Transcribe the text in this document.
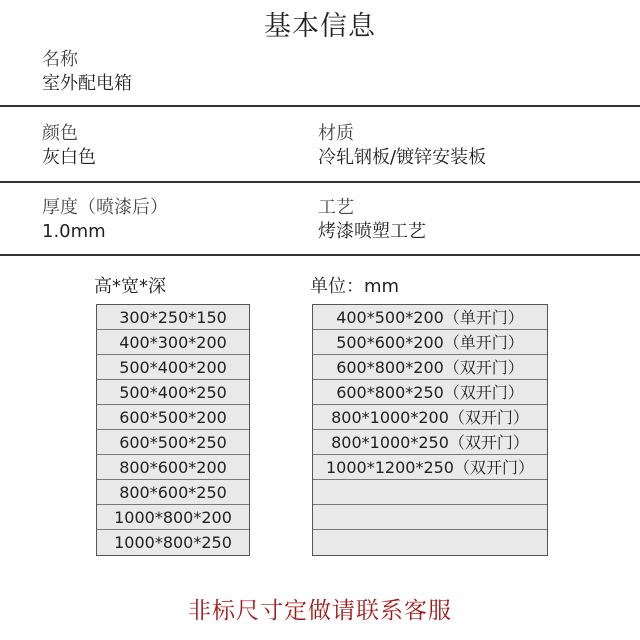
基本信息
名称
室外配电箱
颜色
灰白色
材质
冷轧钢板/镀锌安装板
厚度（喷漆后）
1.0mm
工艺
烤漆喷塑工艺
高*宽*深	单位：mm
300*250*150
400*300*200
500*400*200
500*400*250
600*500*200
600*500*250
800*600*200
800*600*250
1000*800*200
1000*800*250
400*500*200（单开门）
500*600*200（单开门）
600*800*200（双开门）
600*800*250（双开门）
800*1000*200（双开门）
800*1000*250（双开门）
1000*1200*250（双开门）
非标尺寸定做请联系客服
